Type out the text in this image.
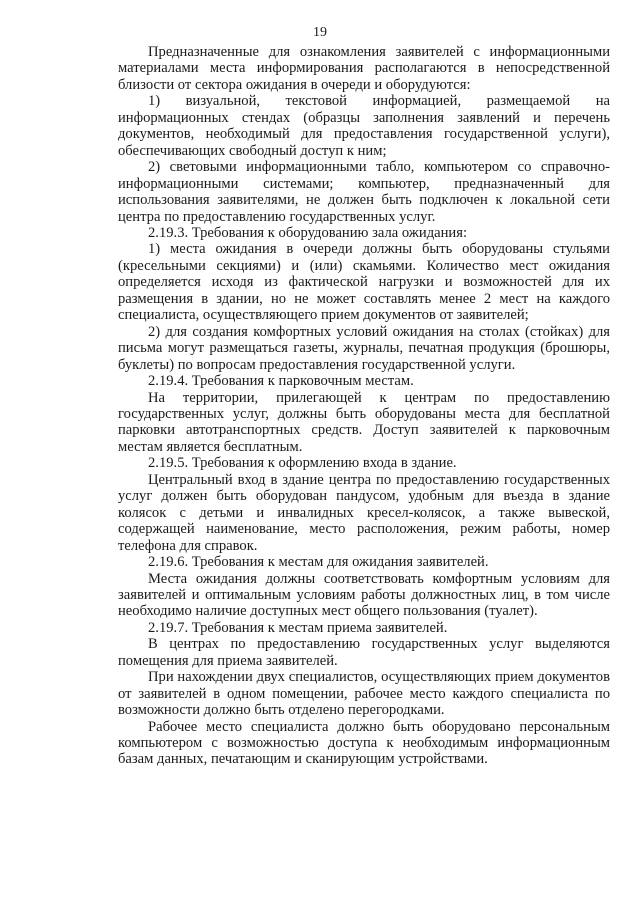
19

Предназначенные для ознакомления заявителей с информационными материалами места информирования располагаются в непосредственной близости от сектора ожидания в очереди и оборудуются:

1) визуальной, текстовой информацией, размещаемой на информационных стендах (образцы заполнения заявлений и перечень документов, необходимый для предоставления государственной услуги), обеспечивающих свободный доступ к ним;

2) световыми информационными табло, компьютером со справочно-информационными системами; компьютер, предназначенный для использования заявителями, не должен быть подключен к локальной сети центра по предоставлению государственных услуг.

2.19.3. Требования к оборудованию зала ожидания:

1) места ожидания в очереди должны быть оборудованы стульями (кресельными секциями) и (или) скамьями. Количество мест ожидания определяется исходя из фактической нагрузки и возможностей для их размещения в здании, но не может составлять менее 2 мест на каждого специалиста, осуществляющего прием документов от заявителей;

2) для создания комфортных условий ожидания на столах (стойках) для письма могут размещаться газеты, журналы, печатная продукция (брошюры, буклеты) по вопросам предоставления государственной услуги.

2.19.4. Требования к парковочным местам.

На территории, прилегающей к центрам по предоставлению государственных услуг, должны быть оборудованы места для бесплатной парковки автотранспортных средств. Доступ заявителей к парковочным местам является бесплатным.

2.19.5. Требования к оформлению входа в здание.

Центральный вход в здание центра по предоставлению государственных услуг должен быть оборудован пандусом, удобным для въезда в здание колясок с детьми и инвалидных кресел-колясок, а также вывеской, содержащей наименование, место расположения, режим работы, номер телефона для справок.

2.19.6. Требования к местам для ожидания заявителей.

Места ожидания должны соответствовать комфортным условиям для заявителей и оптимальным условиям работы должностных лиц, в том числе необходимо наличие доступных мест общего пользования (туалет).

2.19.7. Требования к местам приема заявителей.

В центрах по предоставлению государственных услуг выделяются помещения для приема заявителей.

При нахождении двух специалистов, осуществляющих прием документов от заявителей в одном помещении, рабочее место каждого специалиста по возможности должно быть отделено перегородками.

Рабочее место специалиста должно быть оборудовано персональным компьютером с возможностью доступа к необходимым информационным базам данных, печатающим и сканирующим устройствами.
